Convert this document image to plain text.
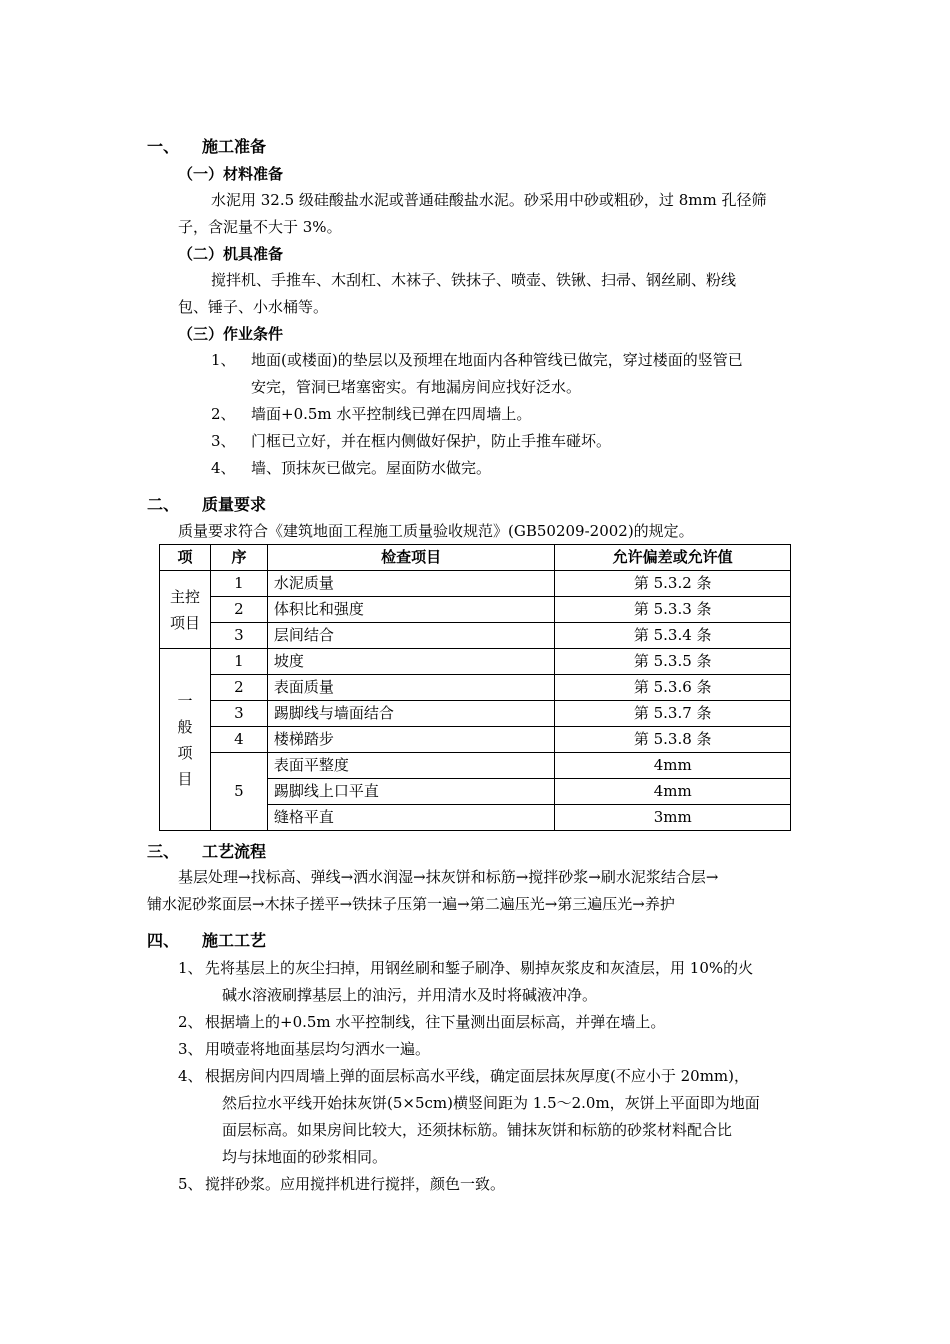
一、 施工准备
（一）材料准备
水泥用 32.5 级硅酸盐水泥或普通硅酸盐水泥。砂采用中砂或粗砂，过 8mm 孔径筛
子，含泥量不大于 3%。
（二）机具准备
搅拌机、手推车、木刮杠、木袜子、铁抹子、喷壶、铁锹、扫帚、钢丝刷、粉线
包、锤子、小水桶等。
（三）作业条件
1、 地面(或楼面)的垫层以及预埋在地面内各种管线已做完，穿过楼面的竖管已
安完，管洞已堵塞密实。有地漏房间应找好泛水。
2、 墙面+0.5m 水平控制线已弹在四周墙上。
3、 门框已立好，并在框内侧做好保护，防止手推车碰坏。
4、 墙、顶抹灰已做完。屋面防水做完。
二、 质量要求
质量要求符合《建筑地面工程施工质量验收规范》(GB50209-2002)的规定。
项	序	检查项目	允许偏差或允许值
主控项目	1	水泥质量	第 5.3.2 条
	2	体积比和强度	第 5.3.3 条
	3	层间结合	第 5.3.4 条
一般项目	1	坡度	第 5.3.5 条
	2	表面质量	第 5.3.6 条
	3	踢脚线与墙面结合	第 5.3.7 条
	4	楼梯踏步	第 5.3.8 条
	5	表面平整度	4mm
		踢脚线上口平直	4mm
		缝格平直	3mm
三、 工艺流程
基层处理→找标高、弹线→洒水润湿→抹灰饼和标筋→搅拌砂浆→刷水泥浆结合层→
铺水泥砂浆面层→木抹子搓平→铁抹子压第一遍→第二遍压光→第三遍压光→养护
四、 施工工艺
1、 先将基层上的灰尘扫掉，用钢丝刷和錾子刷净、剔掉灰浆皮和灰渣层，用 10%的火
碱水溶液刷撑基层上的油污，并用清水及时将碱液冲净。
2、 根据墙上的+0.5m 水平控制线，往下量测出面层标高，并弹在墙上。
3、 用喷壶将地面基层均匀洒水一遍。
4、 根据房间内四周墙上弹的面层标高水平线，确定面层抹灰厚度(不应小于 20mm)，
然后拉水平线开始抹灰饼(5×5cm)横竖间距为 1.5～2.0m，灰饼上平面即为地面
面层标高。如果房间比较大，还须抹标筋。铺抹灰饼和标筋的砂浆材料配合比
均与抹地面的砂浆相同。
5、 搅拌砂浆。应用搅拌机进行搅拌，颜色一致。
